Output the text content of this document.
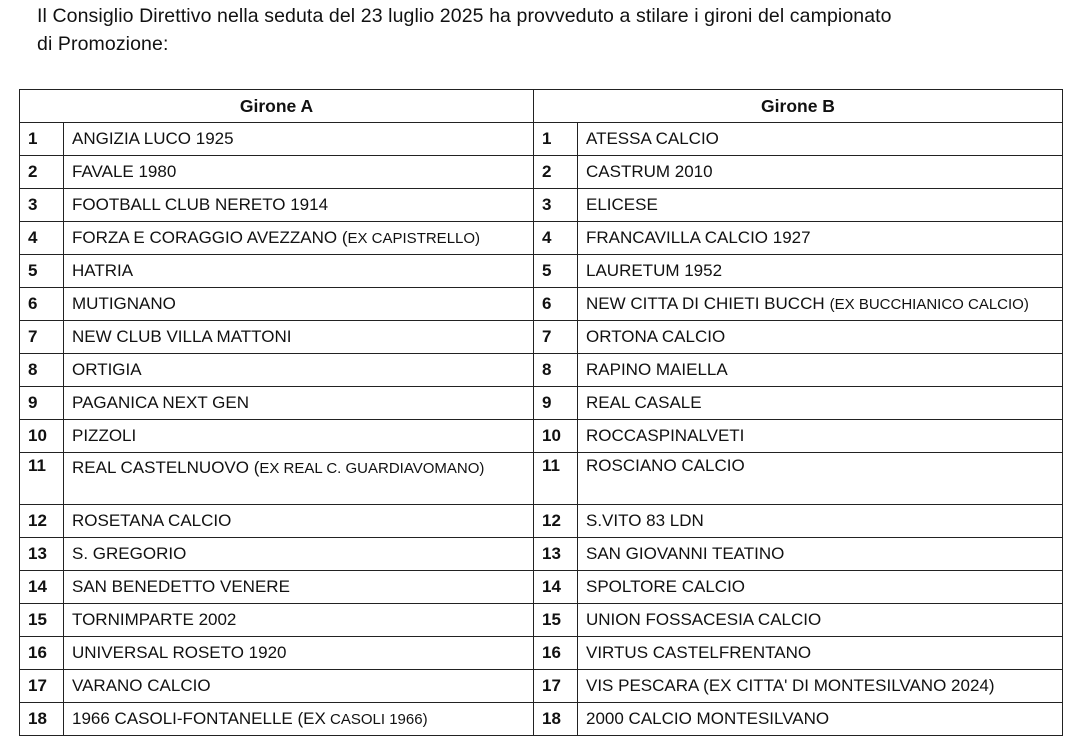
Il Consiglio Direttivo nella seduta del 23 luglio 2025 ha provveduto a stilare i gironi del campionato
di Promozione:
Girone A		Girone B	
1	ANGIZIA LUCO 1925	1	ATESSA CALCIO
2	FAVALE 1980	2	CASTRUM 2010
3	FOOTBALL CLUB NERETO 1914	3	ELICESE
4	FORZA E CORAGGIO AVEZZANO (EX CAPISTRELLO)	4	FRANCAVILLA CALCIO 1927
5	HATRIA	5	LAURETUM 1952
6	MUTIGNANO	6	NEW CITTA DI CHIETI BUCCH (EX BUCCHIANICO CALCIO)
7	NEW CLUB VILLA MATTONI	7	ORTONA CALCIO
8	ORTIGIA	8	RAPINO MAIELLA
9	PAGANICA NEXT GEN	9	REAL CASALE
10	PIZZOLI	10	ROCCASPINALVETI
11	REAL CASTELNUOVO (EX REAL C. GUARDIAVOMANO)	11	ROSCIANO CALCIO
12	ROSETANA CALCIO	12	S.VITO 83 LDN
13	S. GREGORIO	13	SAN GIOVANNI TEATINO
14	SAN BENEDETTO VENERE	14	SPOLTORE CALCIO
15	TORNIMPARTE 2002	15	UNION FOSSACESIA CALCIO
16	UNIVERSAL ROSETO 1920	16	VIRTUS CASTELFRENTANO
17	VARANO CALCIO	17	VIS PESCARA (EX CITTA' DI MONTESILVANO 2024)
18	1966 CASOLI-FONTANELLE (EX CASOLI 1966)	18	2000 CALCIO MONTESILVANO
